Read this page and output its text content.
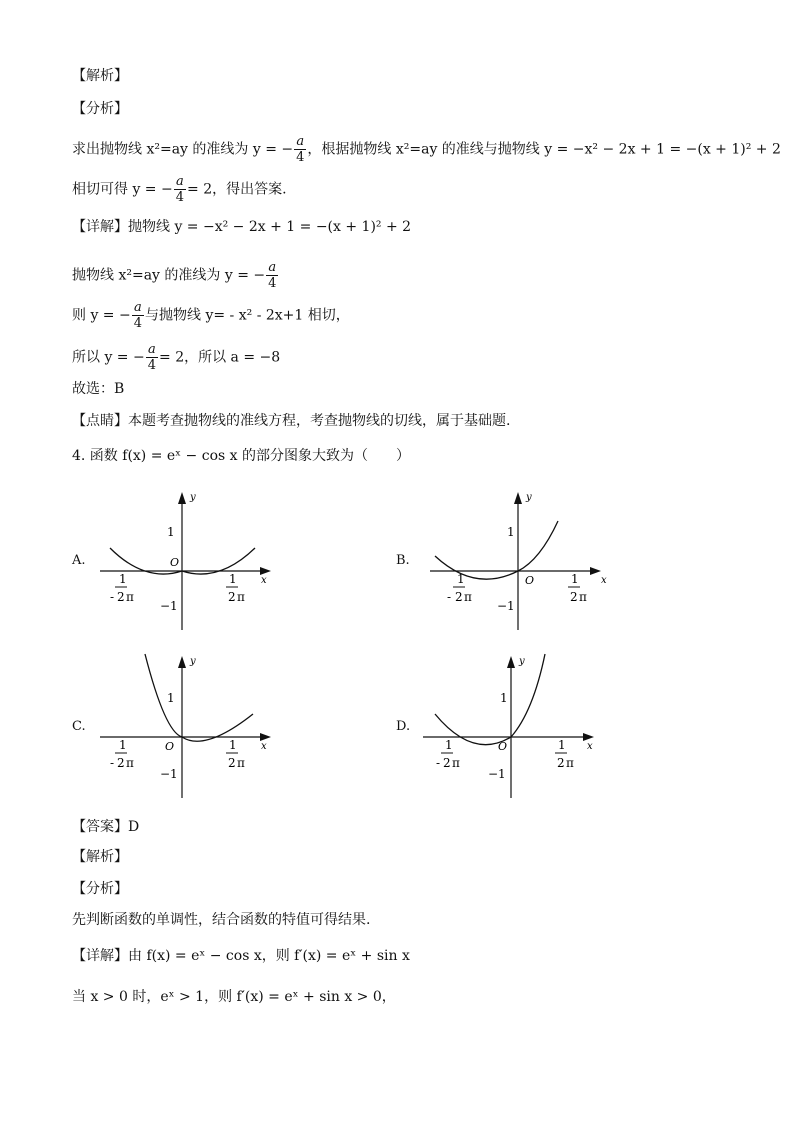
【解析】
【分析】
求出抛物线 x²=ay 的准线为 y = − $\frac{a}{4}$ ，根据抛物线 x²=ay 的准线与抛物线 y = −x² − 2x + 1 = −(x + 1)² + 2
相切可得 y = − $\frac{a}{4} = 2$，得出答案.
【详解】抛物线 y = −x² − 2x + 1 = −(x + 1)² + 2
抛物线 x²=ay 的准线为 y = − $\frac{a}{4}$
则 y = − $\frac{a}{4}$ 与抛物线 y= - x² - 2x+1 相切，
所以 y = − $\frac{a}{4} = 2$，所以 a = −8
故选：B
【点睛】本题考查抛物线的准线方程，考查抛物线的切线，属于基础题.
4. 函数 f(x) = eˣ − cos x 的部分图象大致为（　　）
A.	B.
C.	D.
y
x
O
1
−1
1
- 2 π
1
2 π
y
x
O
1
−1
1
- 2 π
1
2 π
y
x
O
1
−1
1
- 2 π
1
2 π
y
x
O
1
−1
1
- 2 π
1
2 π
【答案】D
【解析】
【分析】
先判断函数的单调性，结合函数的特值可得结果.
【详解】由 f(x) = eˣ − cos x，则 f′(x) = eˣ + sin x
当 x > 0 时，eˣ > 1，则 f′(x) = eˣ + sin x > 0，
